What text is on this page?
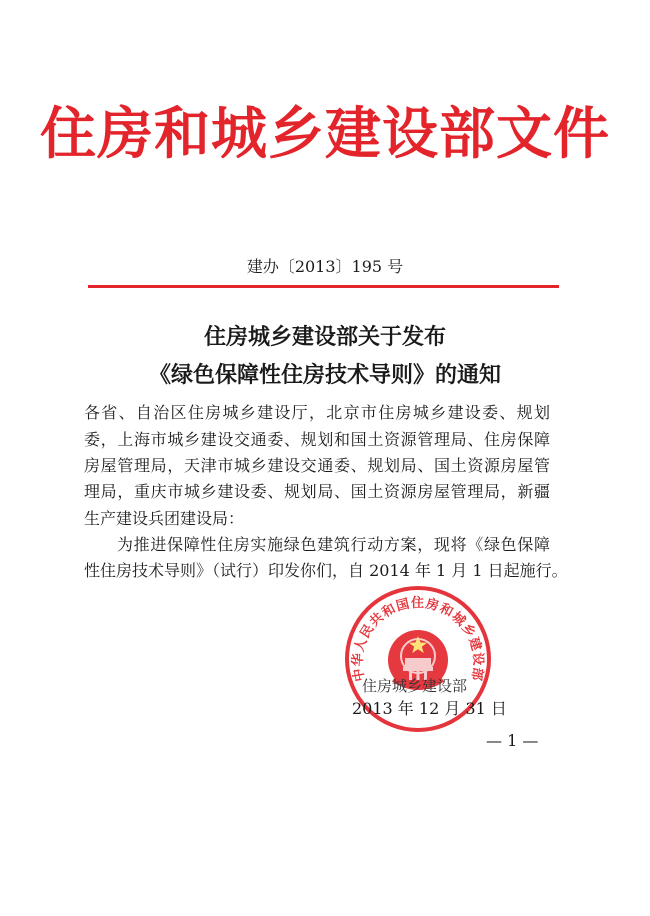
住房和城乡建设部文件
建办〔2013〕195 号
住房城乡建设部关于发布
《绿色保障性住房技术导则》的通知
各省、自治区住房城乡建设厅，北京市住房城乡建设委、规划
委，上海市城乡建设交通委、规划和国土资源管理局、住房保障
房屋管理局，天津市城乡建设交通委、规划局、国土资源房屋管
理局，重庆市城乡建设委、规划局、国土资源房屋管理局，新疆
生产建设兵团建设局：
为推进保障性住房实施绿色建筑行动方案，现将《绿色保障
性住房技术导则》（试行）印发你们，自 2014 年 1 月 1 日起施行。
中华人民共和国住房和城乡建设部
住房城乡建设部
2013 年 12 月 31 日
— 1 —
